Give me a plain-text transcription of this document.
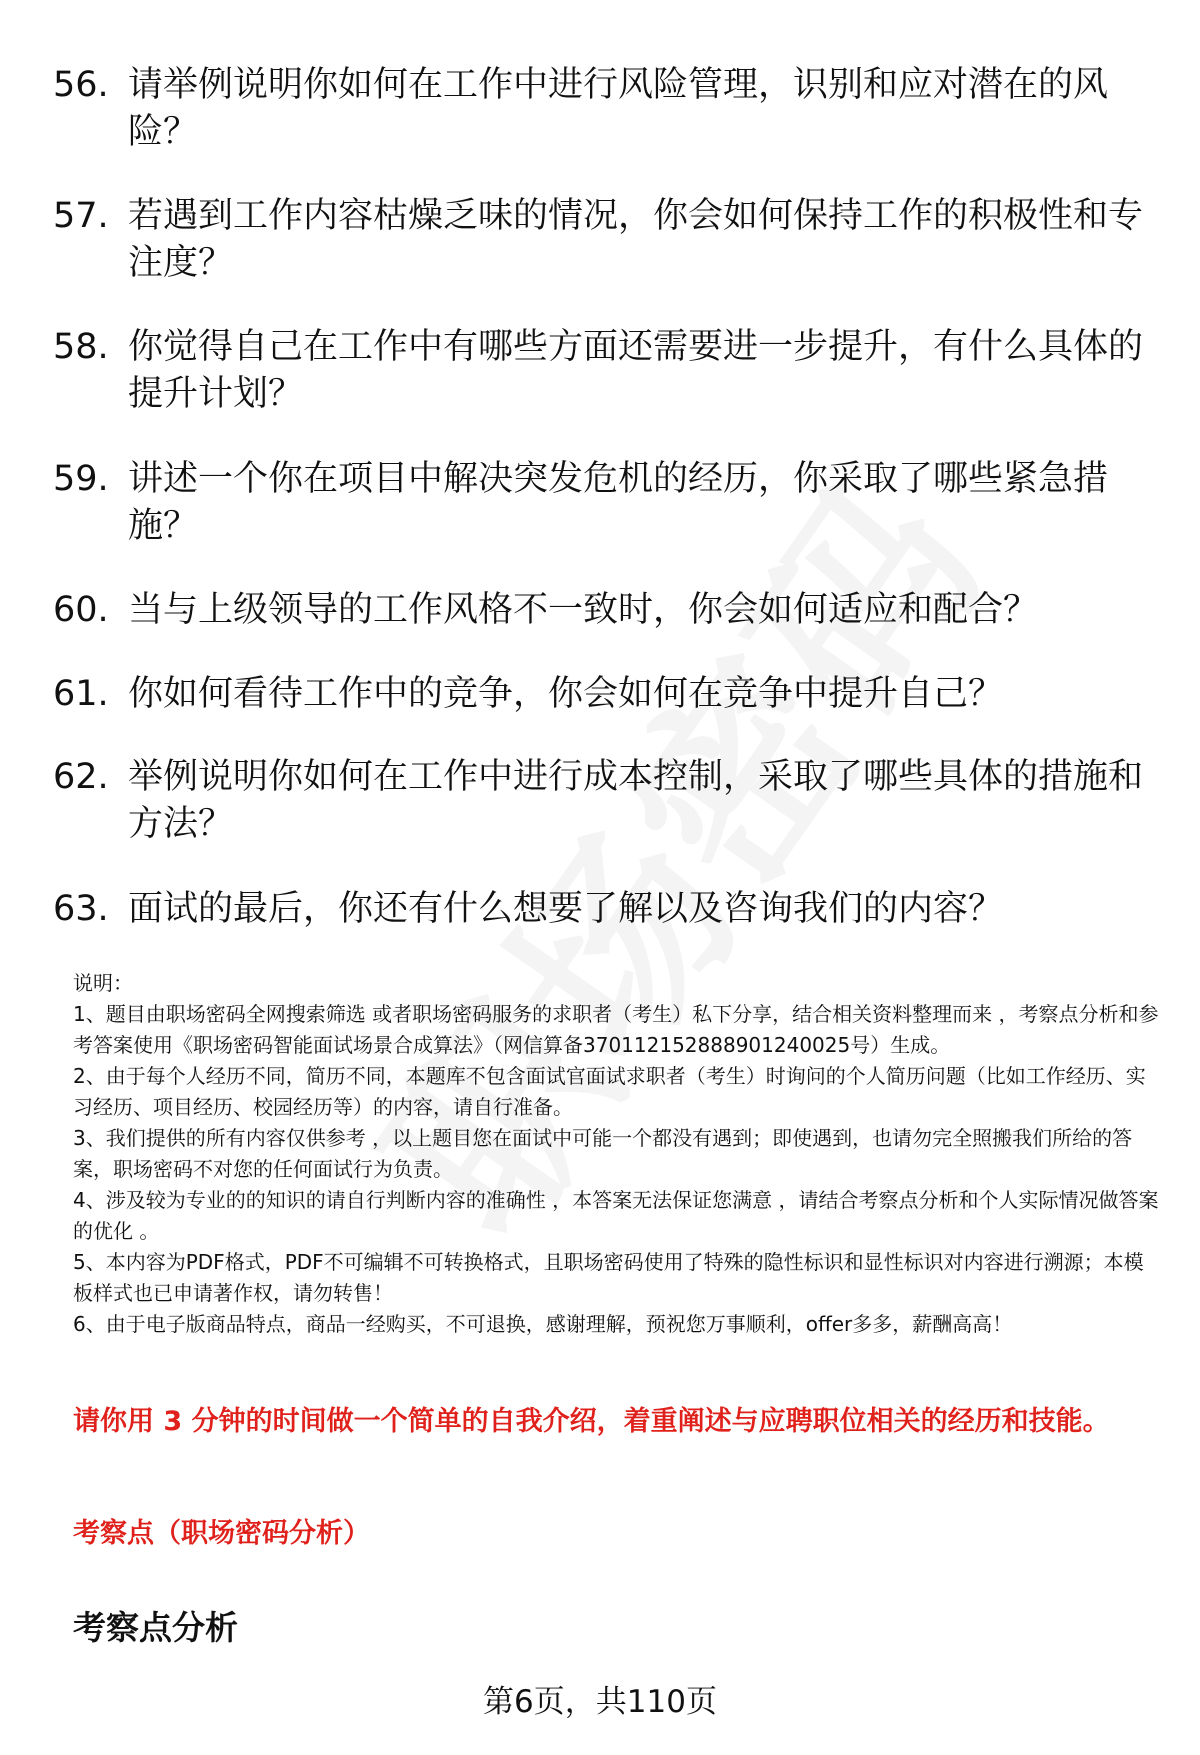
56. 请举例说明你如何在工作中进行风险管理，识别和应对潜在的风险？
57. 若遇到工作内容枯燥乏味的情况，你会如何保持工作的积极性和专注度？
58. 你觉得自己在工作中有哪些方面还需要进一步提升，有什么具体的提升计划？
59. 讲述一个你在项目中解决突发危机的经历，你采取了哪些紧急措施？
60. 当与上级领导的工作风格不一致时，你会如何适应和配合？
61. 你如何看待工作中的竞争，你会如何在竞争中提升自己？
62. 举例说明你如何在工作中进行成本控制，采取了哪些具体的措施和方法？
63. 面试的最后，你还有什么想要了解以及咨询我们的内容？
说明：
1、题目由职场密码全网搜索筛选 或者职场密码服务的求职者（考生）私下分享，结合相关资料整理而来 ，考察点分析和参考答案使用《职场密码智能面试场景合成算法》（网信算备370112152888901240025号）生成。
2、由于每个人经历不同，简历不同，本题库不包含面试官面试求职者（考生）时询问的个人简历问题（比如工作经历、实习经历、项目经历、校园经历等）的内容，请自行准备。
3、我们提供的所有内容仅供参考 ，以上题目您在面试中可能一个都没有遇到；即使遇到，也请勿完全照搬我们所给的答案，职场密码不对您的任何面试行为负责。
4、涉及较为专业的的知识的请自行判断内容的准确性 ，本答案无法保证您满意 ，请结合考察点分析和个人实际情况做答案的优化 。
5、本内容为PDF格式，PDF不可编辑不可转换格式，且职场密码使用了特殊的隐性标识和显性标识对内容进行溯源；本模板样式也已申请著作权，请勿转售！
6、由于电子版商品特点，商品一经购买，不可退换，感谢理解，预祝您万事顺利，offer多多，薪酬高高！
请你用 3 分钟的时间做一个简单的自我介绍，着重阐述与应聘职位相关的经历和技能。
考察点（职场密码分析）
考察点分析
第6页，共110页
